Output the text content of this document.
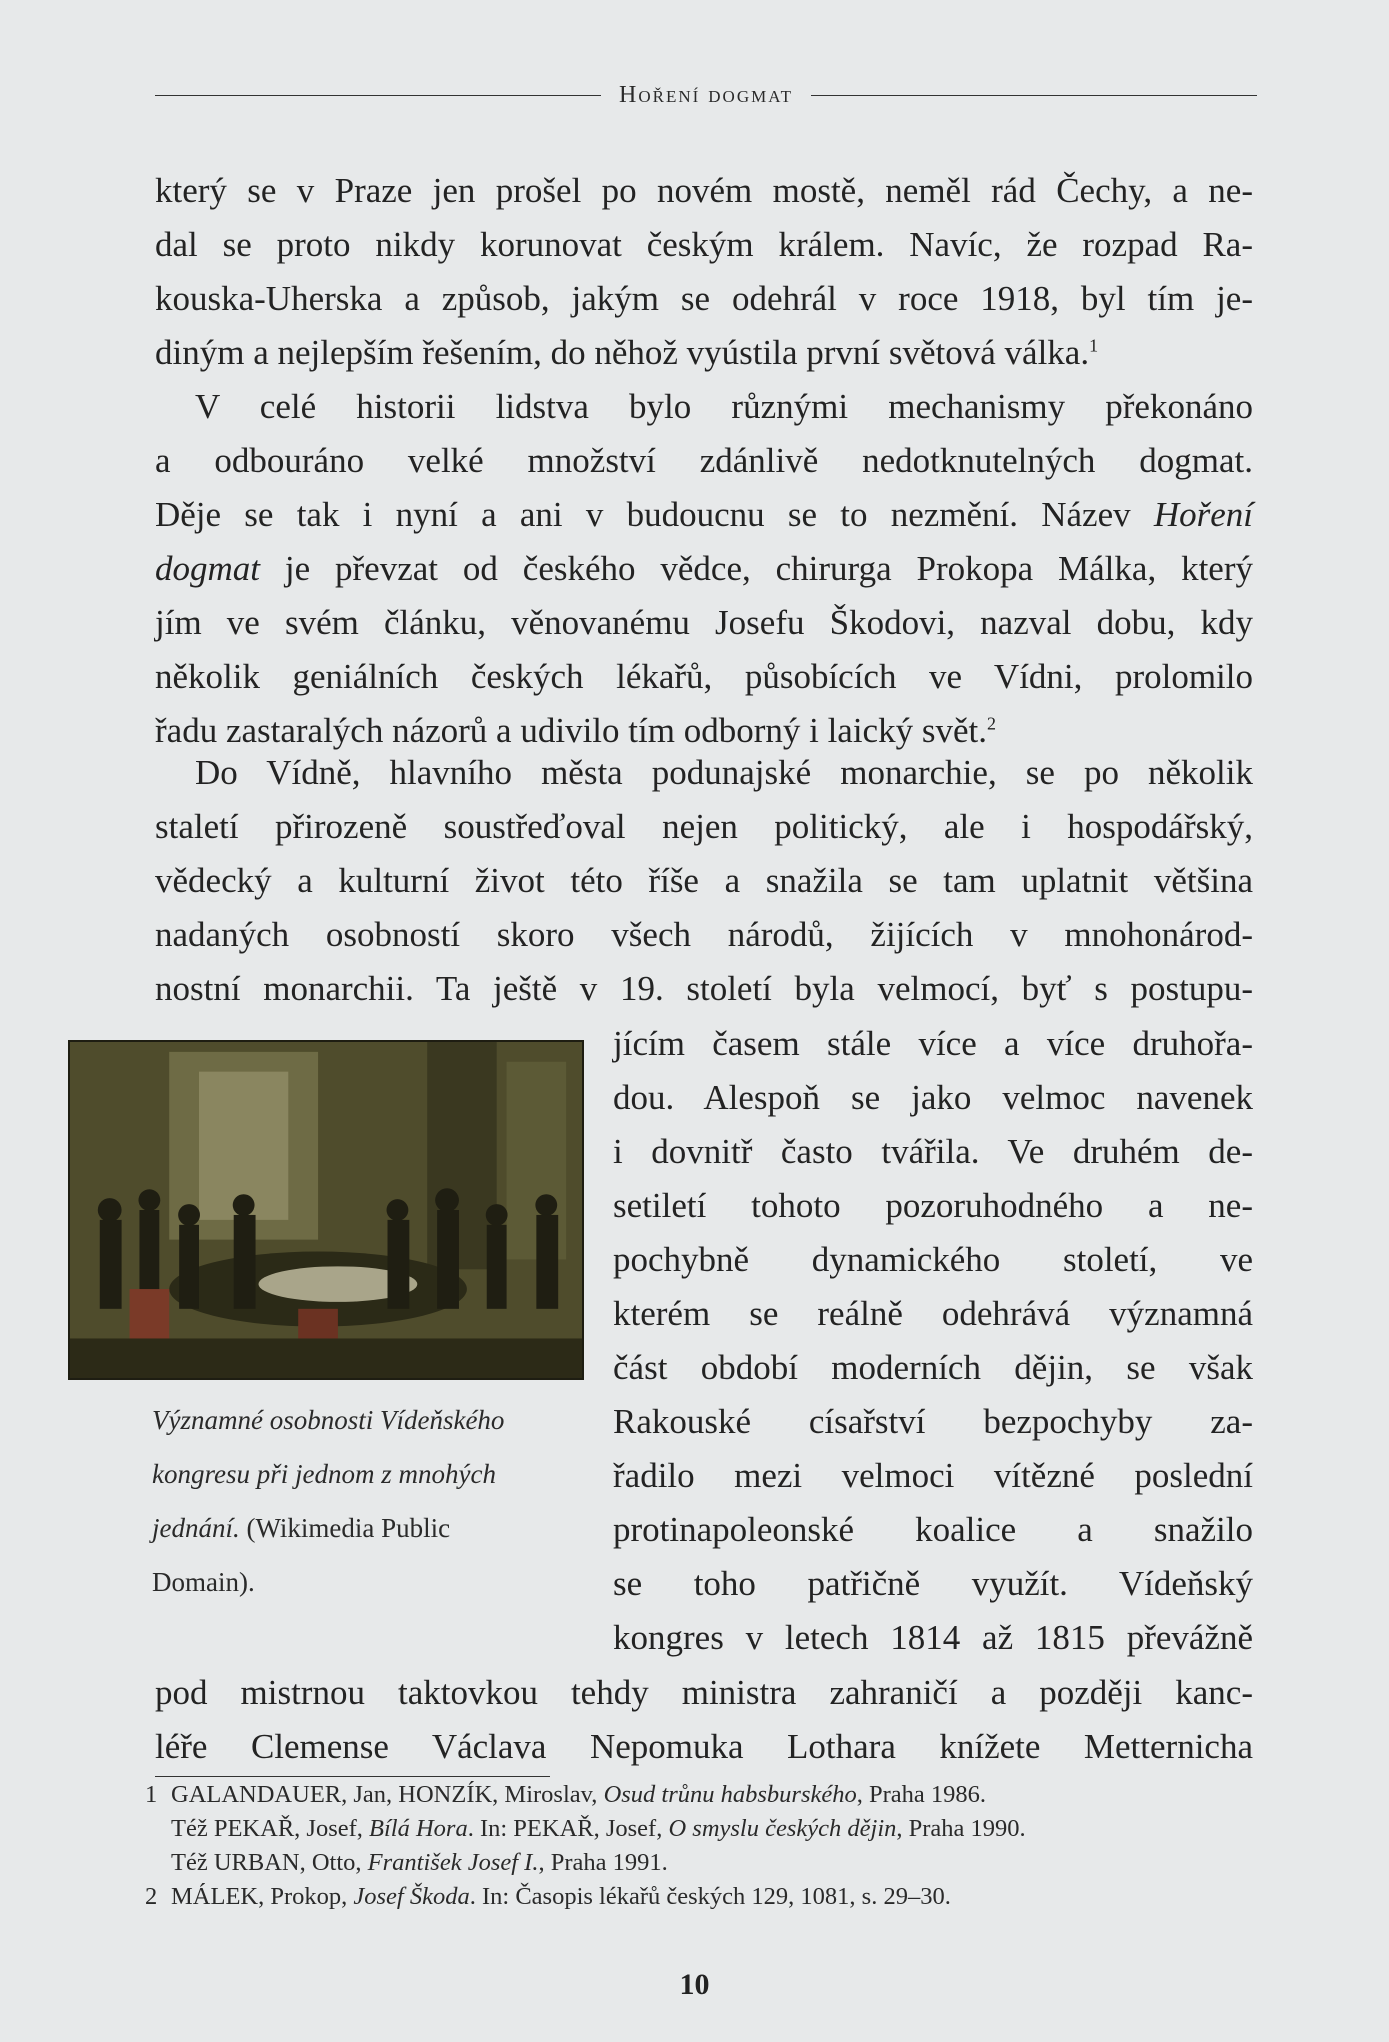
Hoření dogmat
který se v Praze jen prošel po novém mostě, neměl rád Čechy, a ne-
dal se proto nikdy korunovat českým králem. Navíc, že rozpad Ra-
kouska-Uherska a způsob, jakým se odehrál v roce 1918, byl tím je-
diným a nejlepším řešením, do něhož vyústila první světová válka.$^1$
V celé historii lidstva bylo různými mechanismy překonáno
a odbouráno velké množství zdánlivě nedotknutelných dogmat.
Děje se tak i nyní a ani v budoucnu se to nezmění. Název Hoření
dogmat je převzat od českého vědce, chirurga Prokopa Málka, který
jím ve svém článku, věnovanému Josefu Škodovi, nazval dobu, kdy
několik geniálních českých lékařů, působících ve Vídni, prolomilo
řadu zastaralých názorů a udivilo tím odborný i laický svět.$^2$
Do Vídně, hlavního města podunajské monarchie, se po několik
staletí přirozeně soustřeďoval nejen politický, ale i hospodářský,
vědecký a kulturní život této říše a snažila se tam uplatnit většina
nadaných osobností skoro všech národů, žijících v mnohonárod-
nostní monarchii. Ta ještě v 19. století byla velmocí, byť s postupu-
Významné osobnosti Vídeňského
kongresu při jednom z mnohých
jednání. (Wikimedia Public
Domain).
jícím časem stále více a více druhořa-
dou. Alespoň se jako velmoc navenek
i dovnitř často tvářila. Ve druhém de-
setiletí tohoto pozoruhodného a ne-
pochybně dynamického století, ve
kterém se reálně odehrává významná
část období moderních dějin, se však
Rakouské císařství bezpochyby za-
řadilo mezi velmoci vítězné poslední
protinapoleonské koalice a snažilo
se toho patřičně využít. Vídeňský
kongres v letech 1814 až 1815 převážně
pod mistrnou taktovkou tehdy ministra zahraničí a později kanc-
léře Clemense Václava Nepomuka Lothara knížete Metternicha

1 GALANDAUER, Jan, HONZÍK, Miroslav, Osud trůnu habsburského, Praha 1986.

Též PEKAŘ, Josef, Bílá Hora. In: PEKAŘ, Josef, O smyslu českých dějin, Praha 1990.

Též URBAN, Otto, František Josef I., Praha 1991.

2 MÁLEK, Prokop, Josef Škoda. In: Časopis lékařů českých 129, 1081, s. 29–30.

10
